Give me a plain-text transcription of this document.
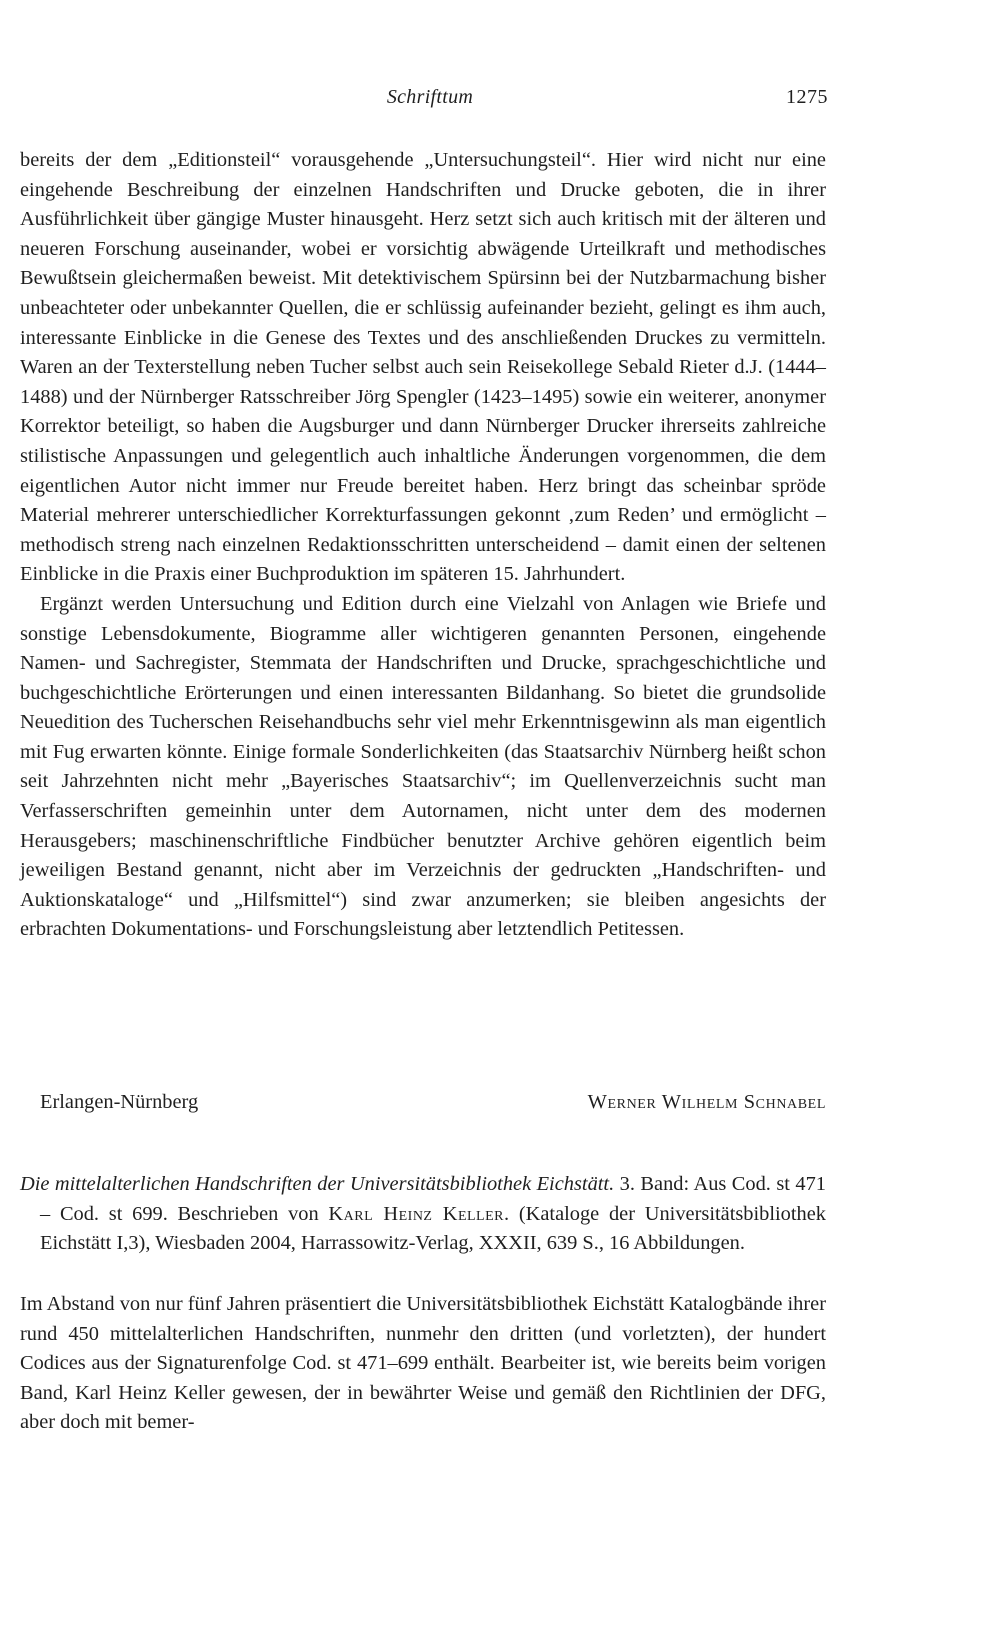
Schrifttum	1275

bereits der dem „Editionsteil“ vorausgehende „Untersuchungsteil“. Hier wird nicht nur eine eingehende Beschreibung der einzelnen Handschriften und Drucke geboten, die in ihrer Ausführlichkeit über gängige Muster hinausgeht. Herz setzt sich auch kritisch mit der älteren und neueren Forschung auseinander, wobei er vorsichtig abwägende Urteilkraft und methodisches Bewußtsein gleichermaßen beweist. Mit detektivischem Spürsinn bei der Nutzbarmachung bisher unbeachteter oder unbekannter Quellen, die er schlüssig aufeinander bezieht, gelingt es ihm auch, interessante Einblicke in die Genese des Textes und des anschließenden Druckes zu vermitteln. Waren an der Texterstellung neben Tucher selbst auch sein Reisekollege Sebald Rieter d.J. (1444–1488) und der Nürnberger Ratsschreiber Jörg Spengler (1423–1495) sowie ein weiterer, anonymer Korrektor beteiligt, so haben die Augsburger und dann Nürnberger Drucker ihrerseits zahlreiche stilistische Anpassungen und gelegentlich auch inhaltliche Änderungen vorgenommen, die dem eigentlichen Autor nicht immer nur Freude bereitet haben. Herz bringt das scheinbar spröde Material mehrerer unterschiedlicher Korrekturfassungen gekonnt ‚zum Reden’ und ermöglicht – methodisch streng nach einzelnen Redaktionsschritten unterscheidend – damit einen der seltenen Einblicke in die Praxis einer Buchproduktion im späteren 15. Jahrhundert.

Ergänzt werden Untersuchung und Edition durch eine Vielzahl von Anlagen wie Briefe und sonstige Lebensdokumente, Biogramme aller wichtigeren genannten Personen, eingehende Namen- und Sachregister, Stemmata der Handschriften und Drucke, sprachgeschichtliche und buchgeschichtliche Erörterungen und einen interessanten Bildanhang. So bietet die grundsolide Neuedition des Tucherschen Reisehandbuchs sehr viel mehr Erkenntnisgewinn als man eigentlich mit Fug erwarten könnte. Einige formale Sonderlichkeiten (das Staatsarchiv Nürnberg heißt schon seit Jahrzehnten nicht mehr „Bayerisches Staatsarchiv“; im Quellenverzeichnis sucht man Verfasserschriften gemeinhin unter dem Autornamen, nicht unter dem des modernen Herausgebers; maschinenschriftliche Findbücher benutzter Archive gehören eigentlich beim jeweiligen Bestand genannt, nicht aber im Verzeichnis der gedruckten „Handschriften- und Auktionskataloge“ und „Hilfsmittel“) sind zwar anzumerken; sie bleiben angesichts der erbrachten Dokumentations- und Forschungsleistung aber letztendlich Petitessen.

Erlangen-Nürnberg	Werner Wilhelm Schnabel
Die mittelalterlichen Handschriften der Universitätsbibliothek Eichstätt. 3. Band: Aus Cod. st 471 – Cod. st 699. Beschrieben von Karl Heinz Keller. (Kataloge der Universitätsbibliothek Eichstätt I,3), Wiesbaden 2004, Harrassowitz-Verlag, XXXII, 639 S., 16 Abbildungen.

Im Abstand von nur fünf Jahren präsentiert die Universitätsbibliothek Eichstätt Katalogbände ihrer rund 450 mittelalterlichen Handschriften, nunmehr den dritten (und vorletzten), der hundert Codices aus der Signaturenfolge Cod. st 471–699 enthält. Bearbeiter ist, wie bereits beim vorigen Band, Karl Heinz Keller gewesen, der in bewährter Weise und gemäß den Richtlinien der DFG, aber doch mit bemer-
